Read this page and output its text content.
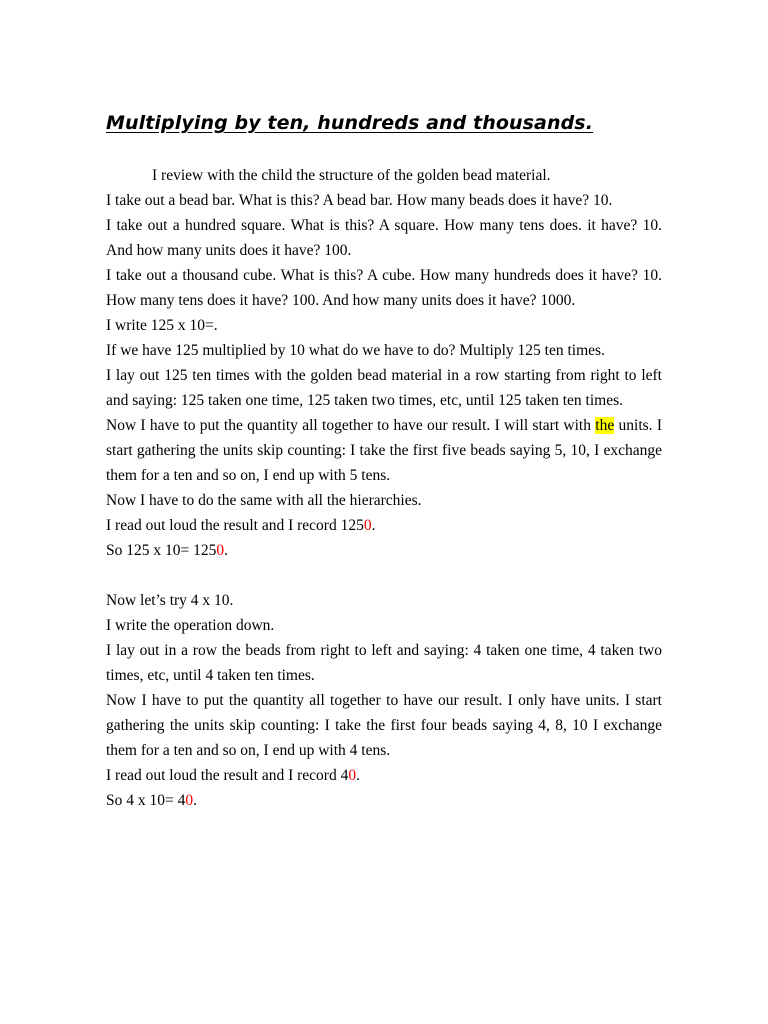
Multiplying by ten, hundreds and thousands.

I review with the child the structure of the golden bead material.

I take out a bead bar. What is this? A bead bar. How many beads does it have? 10.

I take out a hundred square. What is this? A square. How many tens does. it have? 10. And how many units does it have? 100.

I take out a thousand cube. What is this? A cube. How many hundreds does it have? 10. How many tens does it have? 100. And how many units does it have? 1000.

I write 125 x 10=.

If we have 125 multiplied by 10 what do we have to do? Multiply 125 ten times.

I lay out 125 ten times with the golden bead material in a row starting from right to left and saying: 125 taken one time, 125 taken two times, etc, until 125 taken ten times.

Now I have to put the quantity all together to have our result. I will start with the units. I start gathering the units skip counting: I take the first five beads saying 5, 10, I exchange them for a ten and so on, I end up with 5 tens.

Now I have to do the same with all the hierarchies.

I read out loud the result and I record 1250.

So 125 x 10= 1250.

Now let’s try 4 x 10.

I write the operation down.

I lay out in a row the beads from right to left and saying: 4 taken one time, 4 taken two times, etc, until 4 taken ten times.

Now I have to put the quantity all together to have our result. I only have units. I start gathering the units skip counting: I take the first four beads saying 4, 8, 10 I exchange them for a ten and so on, I end up with 4 tens.

I read out loud the result and I record 40.

So 4 x 10= 40.
